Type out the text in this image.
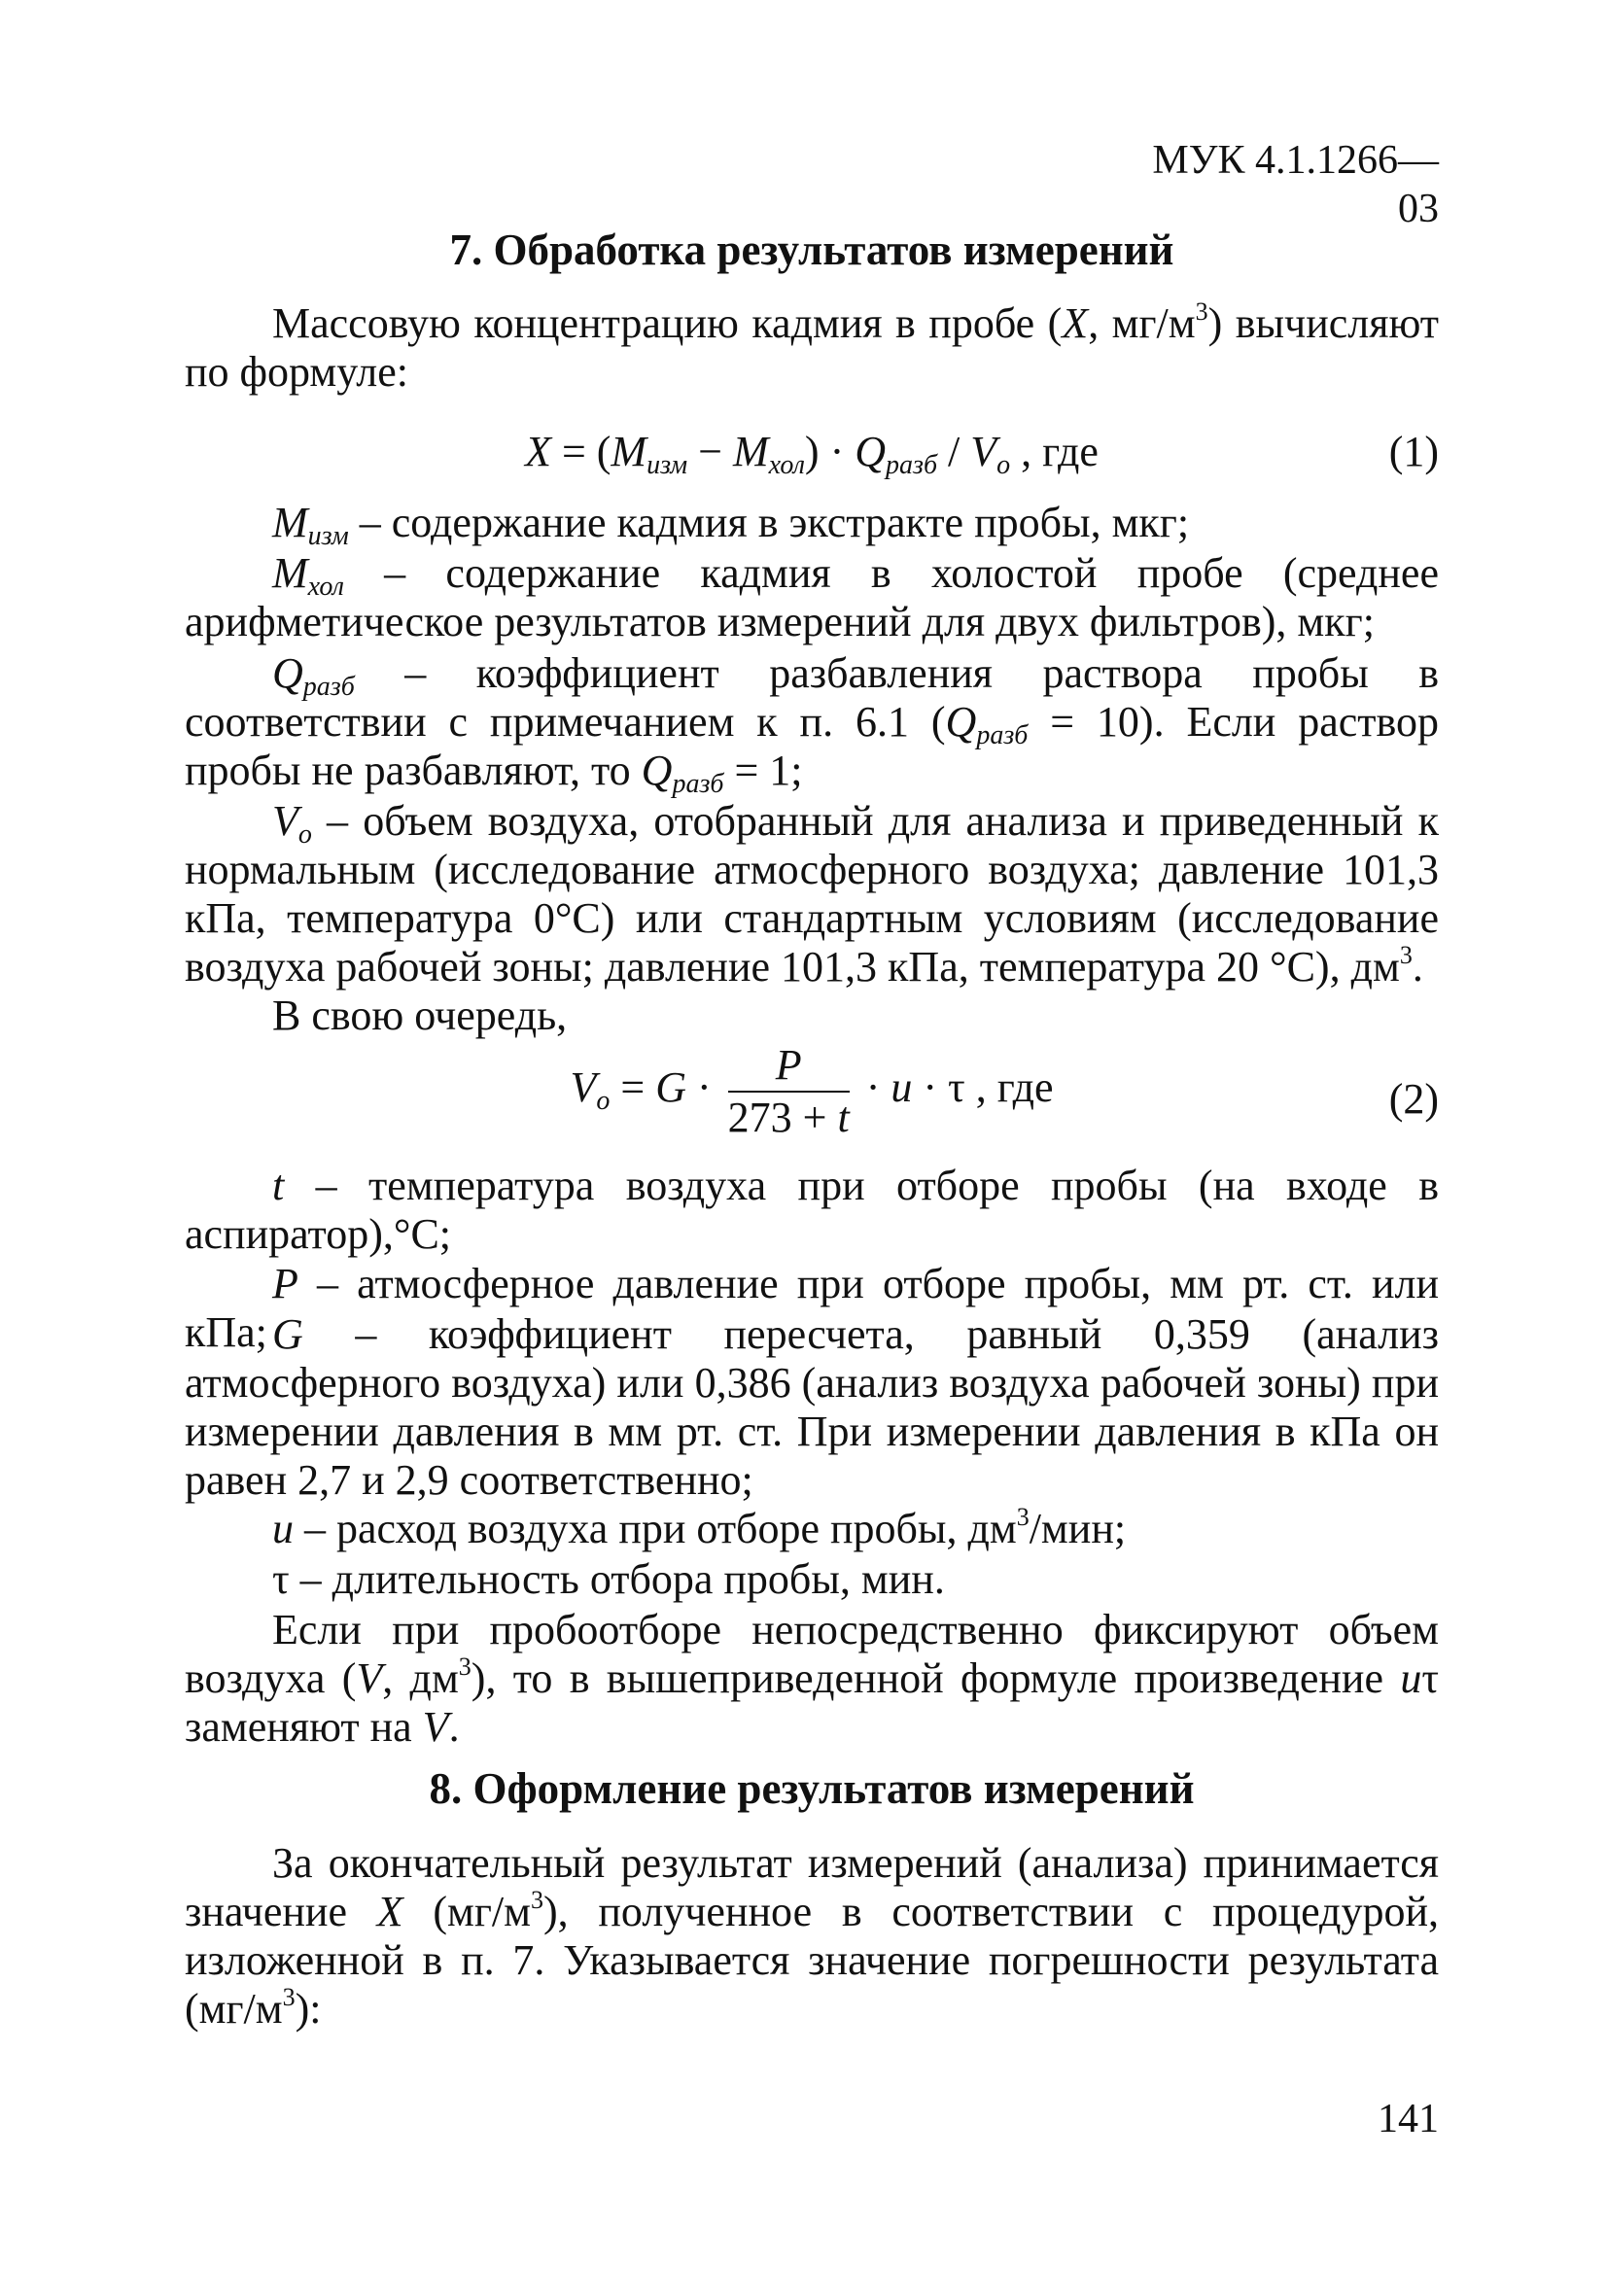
МУК 4.1.1266—03
7. Обработка результатов измерений

Массовую концентрацию кадмия в пробе (X, $мг/м^3$) вычисляют по формуле:

$X = (M_{изм} - M_{хол}) \cdot Q_{разб} / V_o$ , где	(1)

$M_{изм}$ – содержание кадмия в экстракте пробы, мкг;

$M_{хол}$ – содержание кадмия в холостой пробе (среднее арифметическое результатов измерений для двух фильтров), мкг;

$Q_{разб}$ – коэффициент разбавления раствора пробы в соответствии с примечанием к п. 6.1 $(Q_{разб} = 10)$. Если раствор пробы не разбавляют, то $Q_{разб} = 1$;

$V_o$ – объем воздуха, отобранный для анализа и приведенный к нормальным (исследование атмосферного воздуха; давление 101,3 кПа, температура 0°С) или стандартным условиям (исследование воздуха рабочей зоны; давление 101,3 кПа, температура 20 °С), $дм^3$.

В свою очередь,

$V_o = G \cdot \frac{P}{273 + t} \cdot u \cdot \tau$ , где	(2)

t – температура воздуха при отборе пробы (на входе в аспиратор),°С;

P – атмосферное давление при отборе пробы, мм рт. ст. или кПа; G – коэффициент пересчета, равный 0,359 (анализ атмосферного воздуха) или 0,386 (анализ воздуха рабочей зоны) при измерении давления в мм рт. ст. При измерении давления в кПа он равен 2,7 и 2,9 соответственно;

u – расход воздуха при отборе пробы, $дм^3$/мин;

τ – длительность отбора пробы, мин.

Если при пробоотборе непосредственно фиксируют объем воздуха (V, $дм^3$), то в вышеприведенной формуле произведение uτ заменяют на V.

8. Оформление результатов измерений

За окончательный результат измерений (анализа) принимается значение X $(мг/м^3)$, полученное в соответствии с процедурой, изложенной в п. 7. Указывается значение погрешности результата $(мг/м^3)$:

141
